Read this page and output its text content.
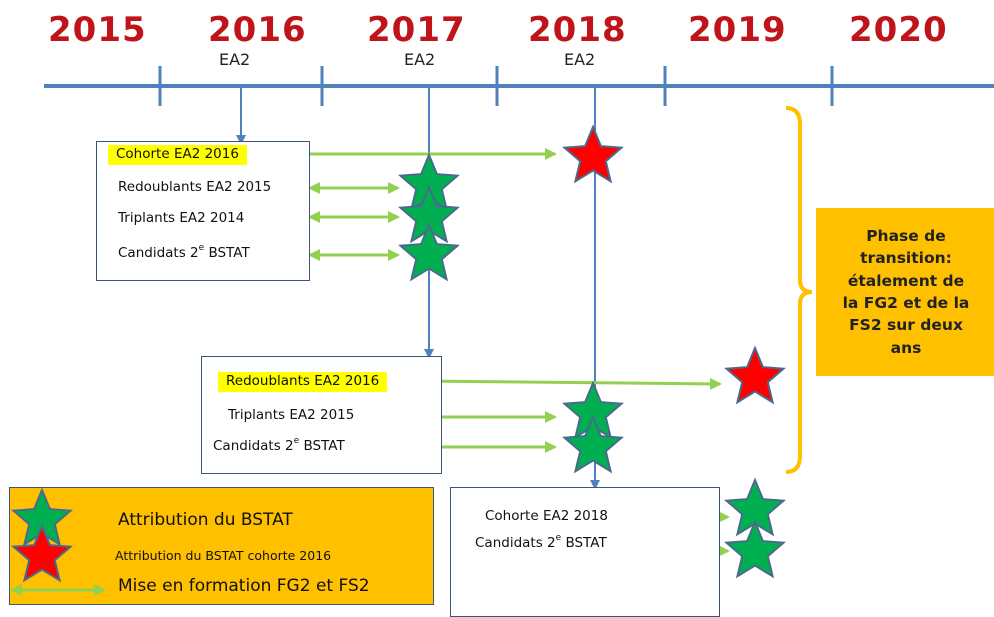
2015 2016 2017 2018 2019 2020
EA2	EA2	EA2
Cohorte EA2 2016
Redoublants EA2 2015
Triplants EA2 2014
Candidats 2e BSTAT
Redoublants EA2 2016
Triplants EA2 2015
Candidats 2e BSTAT
Cohorte EA2 2018
Candidats 2e BSTAT
Phase de
transition:
étalement de
la FG2 et de la
FS2 sur deux
ans
Attribution du BSTAT
Attribution du BSTAT cohorte 2016
Mise en formation FG2 et FS2
